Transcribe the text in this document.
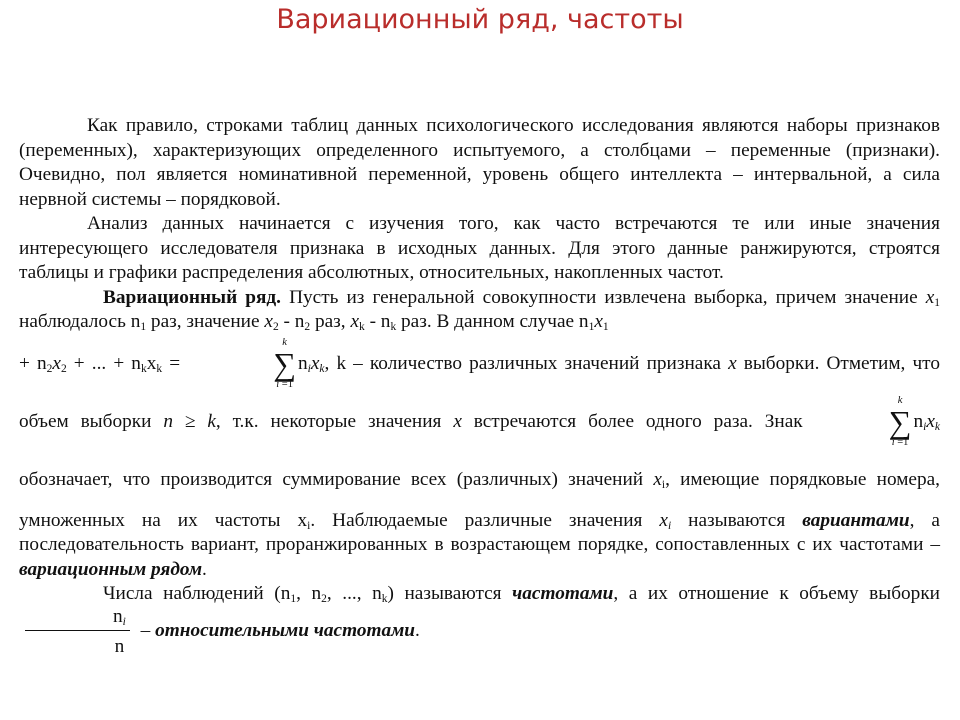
Вариационный ряд, частоты

Как правило, строками таблиц данных психологического исследования являются наборы признаков (переменных), характеризующих определенного испытуемого, а столбцами – переменные (признаки). Очевидно, пол является номинативной переменной, уровень общего интеллекта – интервальной, а сила нервной системы – порядковой.

Анализ данных начинается с изучения того, как часто встречаются те или иные значения интересующего исследователя признака в исходных данных. Для этого данные ранжируются, строятся таблицы и графики распределения абсолютных, относительных, накопленных частот.

Вариационный ряд. Пусть из генеральной совокупности извлечена выборка, причем значение $x_1$ наблюдалось $n_1$ раз, значение $x_2 - n_2$ раз, $x_k - n_k$ раз. В данном случае $n_1x_1$
+ $n_2x_2$ + ... + $n_kx_k$ =
k
∑
i =1
$n_ix_k$, k – количество различных значений признака x выборки. Отметим, что объем выборки n ≥ k, т.к. некоторые значения x встречаются более одного раза. Знак
k
∑
i =1
$n_ix_k$ обозначает, что производится суммирование всех (различных) значений $x_i$, имеющие порядковые номера, умноженных на их частоты $x_i$. Наблюдаемые различные значения $x_i$ называются вариантами, а последовательность вариант, проранжированных в возрастающем порядке, сопоставленных с их частотами – вариационным рядом.

Числа наблюдений ($n_1$, $n_2$, ..., $n_k$) называются частотами, а их отношение к объему выборки
$\frac{n_i}{n}$ – относительными частотами.
